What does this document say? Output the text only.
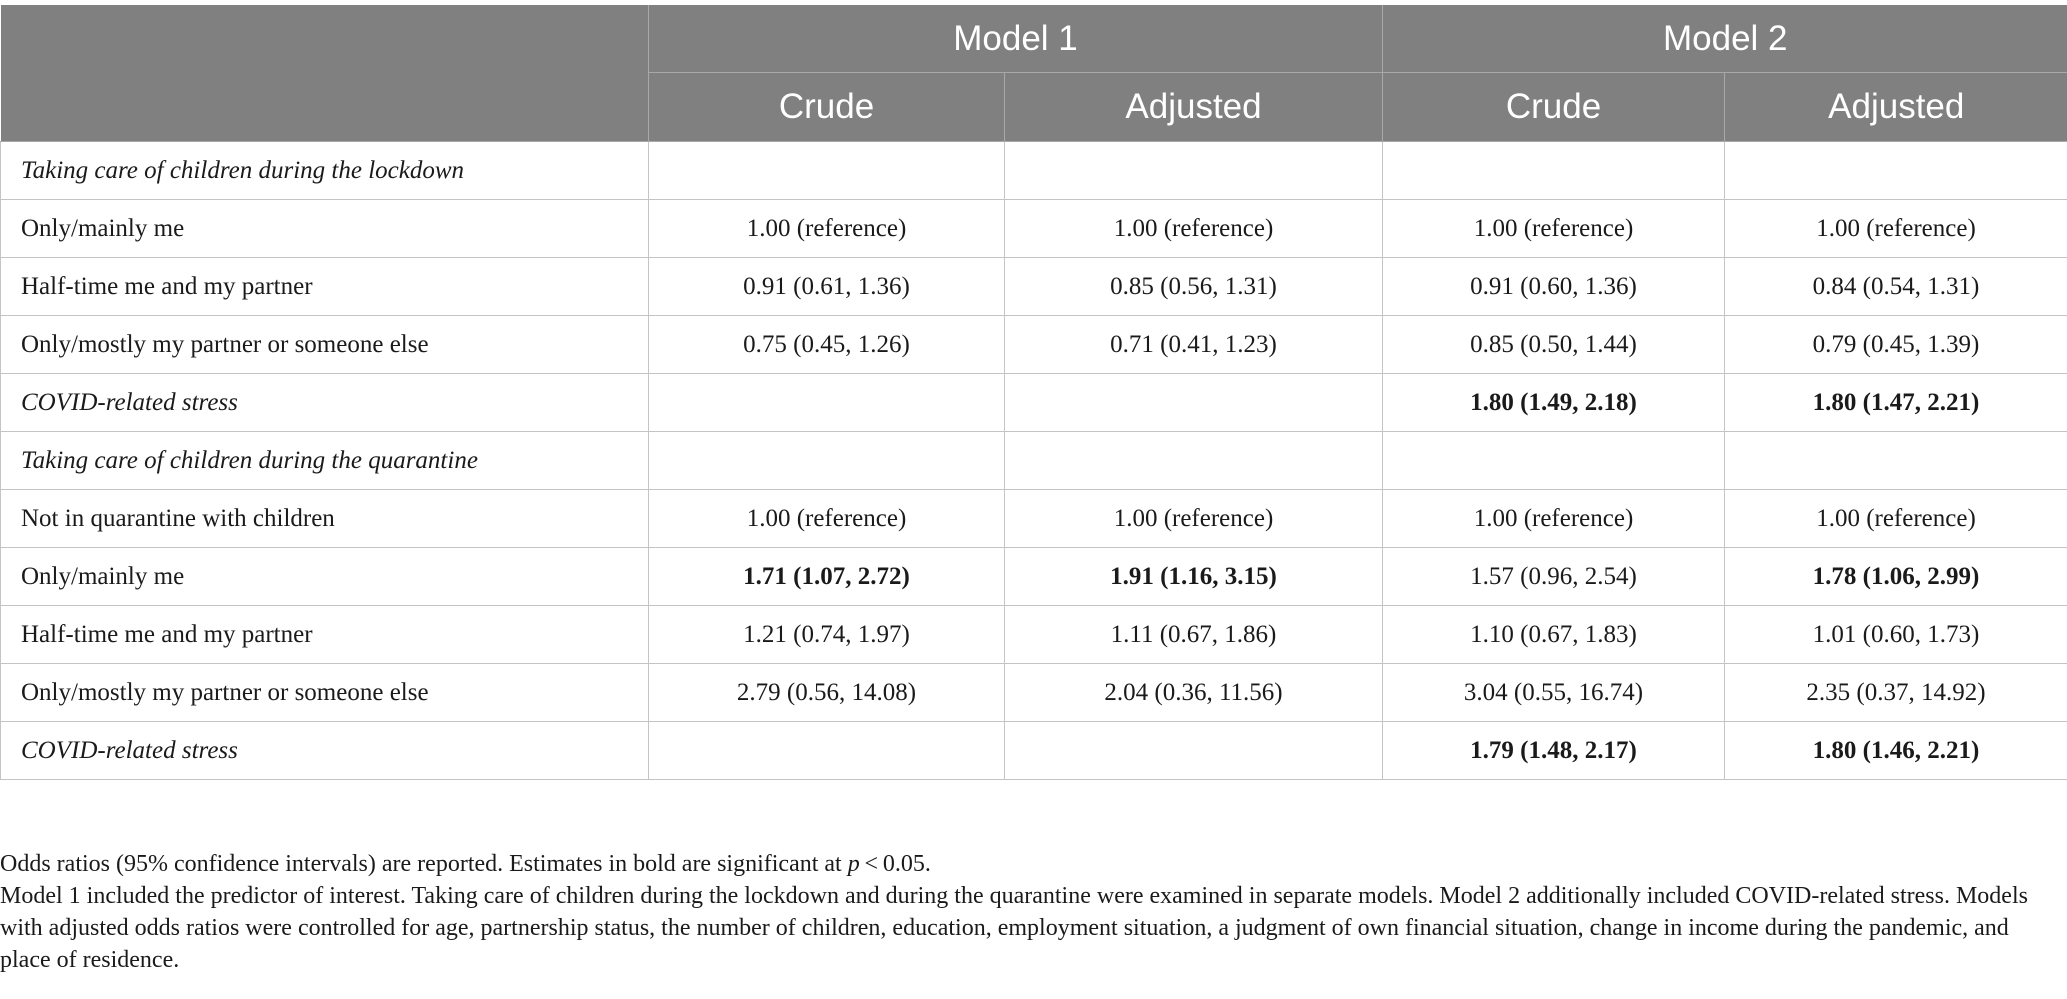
	Model 1		Model 2	
	Crude	Adjusted	Crude	Adjusted
Taking care of children during the lockdown				
Only/mainly me	1.00 (reference)	1.00 (reference)	1.00 (reference)	1.00 (reference)
Half-time me and my partner	0.91 (0.61, 1.36)	0.85 (0.56, 1.31)	0.91 (0.60, 1.36)	0.84 (0.54, 1.31)
Only/mostly my partner or someone else	0.75 (0.45, 1.26)	0.71 (0.41, 1.23)	0.85 (0.50, 1.44)	0.79 (0.45, 1.39)
COVID-related stress			1.80 (1.49, 2.18)	1.80 (1.47, 2.21)
Taking care of children during the quarantine				
Not in quarantine with children	1.00 (reference)	1.00 (reference)	1.00 (reference)	1.00 (reference)
Only/mainly me	1.71 (1.07, 2.72)	1.91 (1.16, 3.15)	1.57 (0.96, 2.54)	1.78 (1.06, 2.99)
Half-time me and my partner	1.21 (0.74, 1.97)	1.11 (0.67, 1.86)	1.10 (0.67, 1.83)	1.01 (0.60, 1.73)
Only/mostly my partner or someone else	2.79 (0.56, 14.08)	2.04 (0.36, 11.56)	3.04 (0.55, 16.74)	2.35 (0.37, 14.92)
COVID-related stress			1.79 (1.48, 2.17)	1.80 (1.46, 2.21)

Odds ratios (95% confidence intervals) are reported. Estimates in bold are significant at p < 0.05.

Model 1 included the predictor of interest. Taking care of children during the lockdown and during the quarantine were examined in separate models. Model 2 additionally included COVID-related stress. Models with adjusted odds ratios were controlled for age, partnership status, the number of children, education, employment situation, a judgment of own financial situation, change in income during the pandemic, and place of residence.
